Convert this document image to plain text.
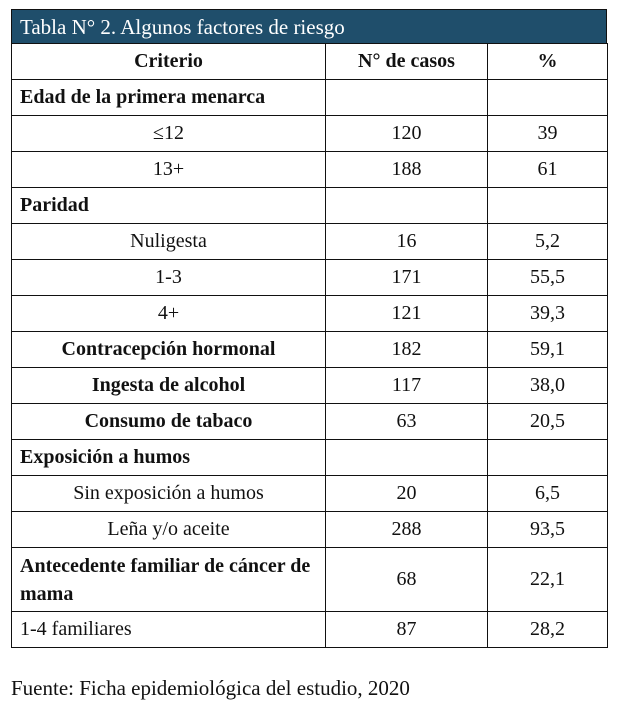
Tabla N° 2. Algunos factores de riesgo
Criterio	N° de casos	%
Edad de la primera menarca		
≤12	120	39
13+	188	61
Paridad		
Nuligesta	16	5,2
1-3	171	55,5
4+	121	39,3
Contracepción hormonal	182	59,1
Ingesta de alcohol	117	38,0
Consumo de tabaco	63	20,5
Exposición a humos		
Sin exposición a humos	20	6,5
Leña y/o aceite	288	93,5
Antecedente familiar de cáncer de mama	68	22,1
1-4 familiares	87	28,2
Fuente: Ficha epidemiológica del estudio, 2020
